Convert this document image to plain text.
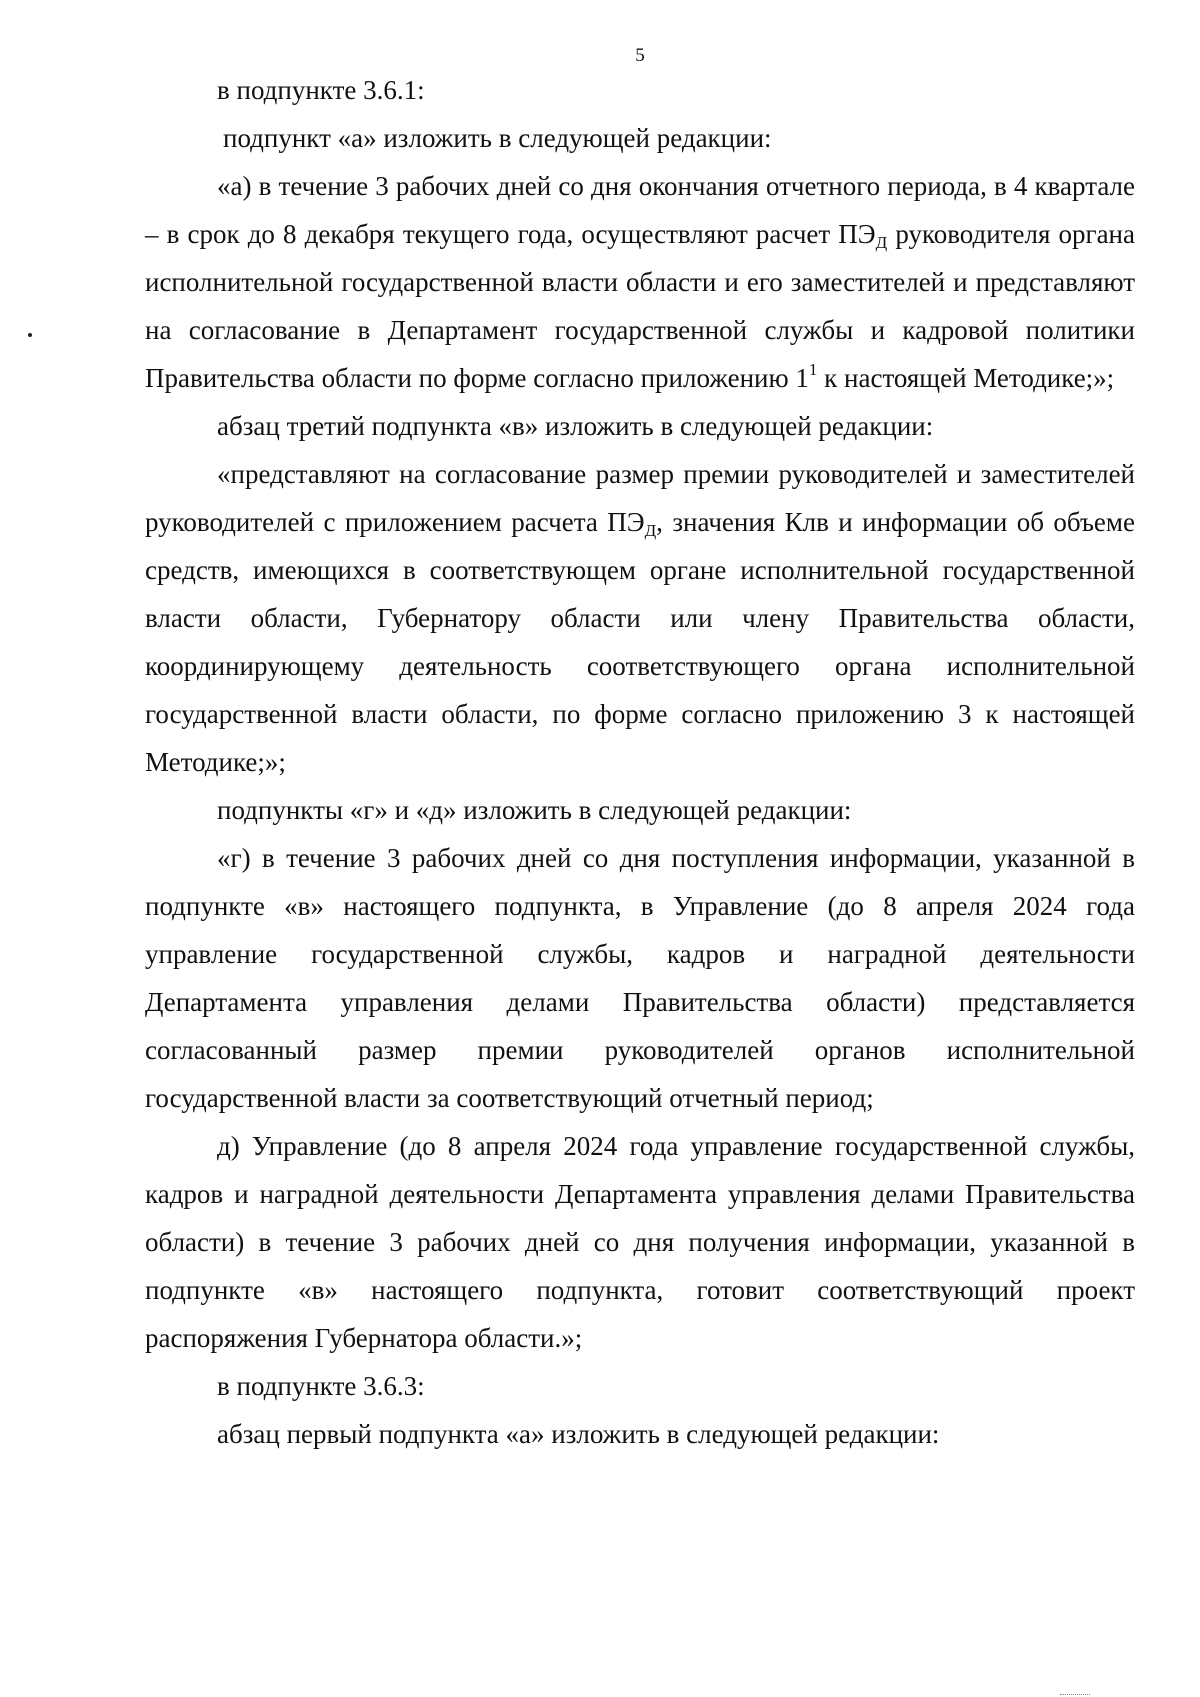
5

в подпункте 3.6.1:

подпункт «а» изложить в следующей редакции:

«а) в течение 3 рабочих дней со дня окончания отчетного периода, в 4 квартале – в срок до 8 декабря текущего года, осуществляют расчет $ПЭ_Д$ руководителя органа исполнительной государственной власти области и его заместителей и представляют на согласование в Департамент государственной службы и кадровой политики Правительства области по форме согласно приложению $1^1$ к настоящей Методике;»;

абзац третий подпункта «в» изложить в следующей редакции:

«представляют на согласование размер премии руководителей и заместителей руководителей с приложением расчета $ПЭ_Д$, значения Клв и информации об объеме средств, имеющихся в соответствующем органе исполнительной государственной власти области, Губернатору области или члену Правительства области, координирующему деятельность соответствующего органа исполнительной государственной власти области, по форме согласно приложению 3 к настоящей Методике;»;

подпункты «г» и «д» изложить в следующей редакции:

«г) в течение 3 рабочих дней со дня поступления информации, указанной в подпункте «в» настоящего подпункта, в Управление (до 8 апреля 2024 года управление государственной службы, кадров и наградной деятельности Департамента управления делами Правительства области) представляется согласованный размер премии руководителей органов исполнительной государственной власти за соответствующий отчетный период;

д) Управление (до 8 апреля 2024 года управление государственной службы, кадров и наградной деятельности Департамента управления делами Правительства области) в течение 3 рабочих дней со дня получения информации, указанной в подпункте «в» настоящего подпункта, готовит соответствующий проект распоряжения Губернатора области.»;

в подпункте 3.6.3:

абзац первый подпункта «а» изложить в следующей редакции:
